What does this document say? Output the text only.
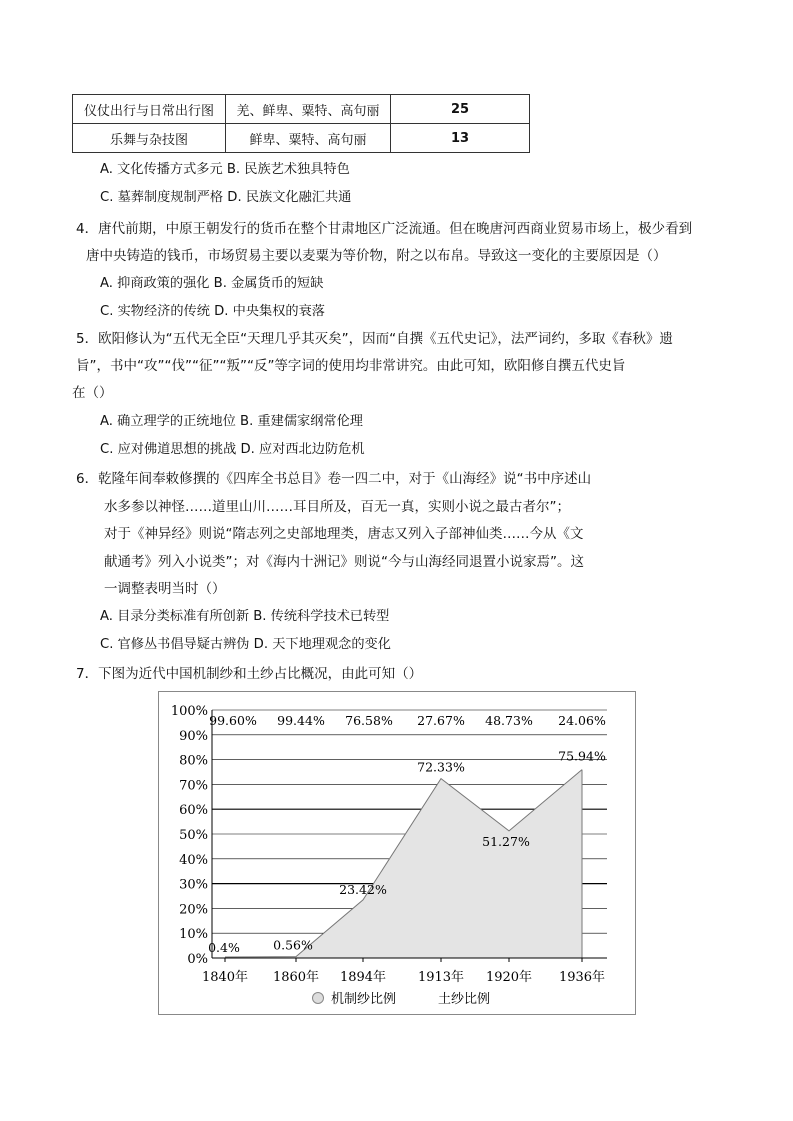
仪仗出行与日常出行图	羌、鲜卑、粟特、高句丽	25
乐舞与杂技图	鲜卑、粟特、高句丽	13
A. 文化传播方式多元 B. 民族艺术独具特色
C. 墓葬制度规制严格 D. 民族文化融汇共通
4．唐代前期，中原王朝发行的货币在整个甘肃地区广泛流通。但在晚唐河西商业贸易市场上，极少看到
唐中央铸造的钱币，市场贸易主要以麦粟为等价物，附之以布帛。导致这一变化的主要原因是（）
A. 抑商政策的强化 B. 金属货币的短缺
C. 实物经济的传统 D. 中央集权的衰落
5．欧阳修认为“五代无全臣“天理几乎其灭矣”，因而“自撰《五代史记》，法严词约，多取《春秋》遗
旨”，书中“攻”“伐”“征”“叛”“反”等字词的使用均非常讲究。由此可知，欧阳修自撰五代史旨
在（）
A. 确立理学的正统地位 B. 重建儒家纲常伦理
C. 应对佛道思想的挑战 D. 应对西北边防危机
6．乾隆年间奉敕修撰的《四库全书总目》卷一四二中，对于《山海经》说“书中序述山
水多参以神怪……道里山川……耳目所及，百无一真，实则小说之最古者尔”；
对于《神异经》则说“隋志列之史部地理类，唐志又列入子部神仙类……今从《文
献通考》列入小说类”；对《海内十洲记》则说“今与山海经同退置小说家焉”。这
一调整表明当时（）
A. 目录分类标准有所创新 B. 传统科学技术已转型
C. 官修丛书倡导疑古辨伪 D. 天下地理观念的变化
7．下图为近代中国机制纱和土纱占比概况，由此可知（）
0%
10%
20%
30%
40%
50%
60%
70%
80%
90%
100%
1840年 1860年 1894年 1913年 1920年 1936年
0.4%	0.56%
23.42%
72.33%
51.27%
75.94%
99.60% 99.44% 76.58% 27.67% 48.73% 24.06%
机制纱比例	土纱比例
